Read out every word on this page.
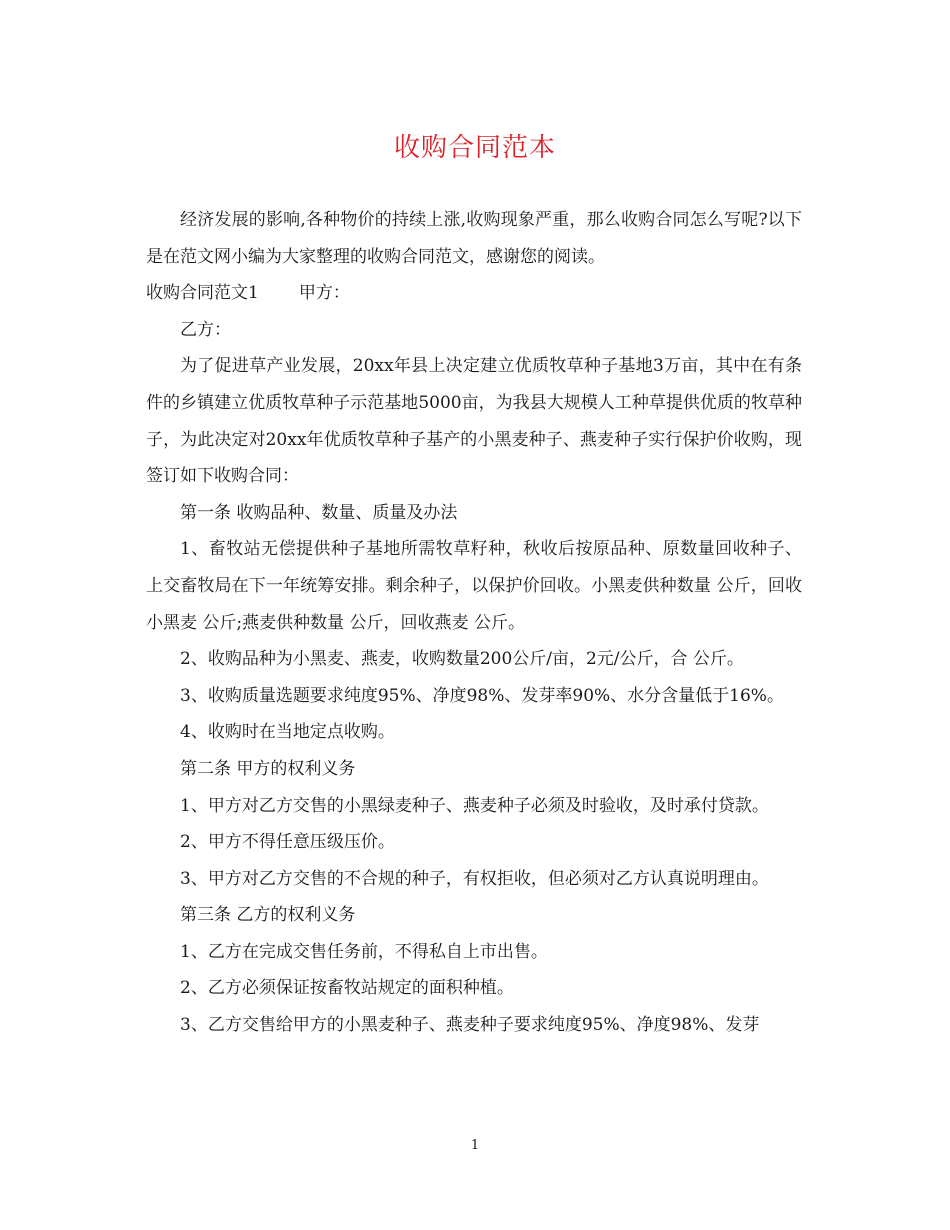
收购合同范本

经济发展的影响,各种物价的持续上涨,收购现象严重，那么收购合同怎么写呢?以下是在范文网小编为大家整理的收购合同范文，感谢您的阅读。

收购合同范文1 甲方：

乙方：

为了促进草产业发展，20xx年县上决定建立优质牧草种子基地3万亩，其中在有条件的乡镇建立优质牧草种子示范基地5000亩，为我县大规模人工种草提供优质的牧草种子，为此决定对20xx年优质牧草种子基产的小黑麦种子、燕麦种子实行保护价收购，现签订如下收购合同：

第一条 收购品种、数量、质量及办法

1、畜牧站无偿提供种子基地所需牧草籽种，秋收后按原品种、原数量回收种子、上交畜牧局在下一年统筹安排。剩余种子，以保护价回收。小黑麦供种数量 公斤，回收小黑麦 公斤;燕麦供种数量 公斤，回收燕麦 公斤。

2、收购品种为小黑麦、燕麦，收购数量200公斤/亩，2元/公斤，合 公斤。

3、收购质量选题要求纯度95%、净度98%、发芽率90%、水分含量低于16%。

4、收购时在当地定点收购。

第二条 甲方的权利义务

1、甲方对乙方交售的小黑绿麦种子、燕麦种子必须及时验收，及时承付贷款。

2、甲方不得任意压级压价。

3、甲方对乙方交售的不合规的种子，有权拒收，但必须对乙方认真说明理由。

第三条 乙方的权利义务

1、乙方在完成交售任务前，不得私自上市出售。

2、乙方必须保证按畜牧站规定的面积种植。

3、乙方交售给甲方的小黑麦种子、燕麦种子要求纯度95%、净度98%、发芽

1
